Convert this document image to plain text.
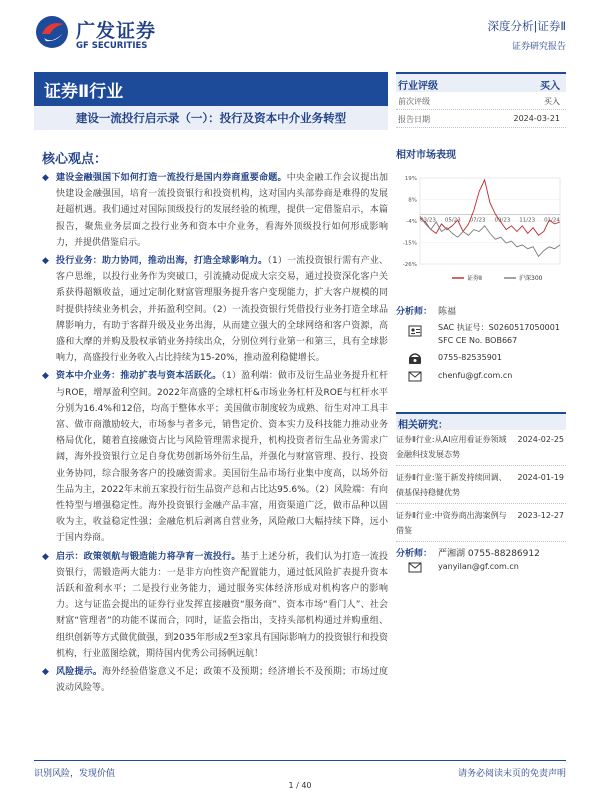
广发证券
GF SECURITIES
深度分析|证券Ⅱ
证券研究报告
证券Ⅱ行业
建设一流投行启示录（一）：投行及资本中介业务转型
核心观点：
◆ 建设金融强国下如何打造一流投行是国内券商重要命题。中央金融工作会议提出加快建设金融强国，培育一流投资银行和投资机构，这对国内头部券商是难得的发展赶超机遇。我们通过对国际顶级投行的发展经验的梳理，提供一定借鉴启示，本篇报告，聚焦业务层面之投行业务和资本中介业务，看海外顶级投行如何形成影响力，并提供借鉴启示。
◆ 投行业务：助力协同，推动出海，打造全球影响力。（1）一流投资银行需有产业、客户思维，以投行业务作为突破口，引流撬动促成大宗交易，通过投资深化客户关系获得超额收益，通过定制化财富管理服务提升客户变现能力，扩大客户规模的同时提供持续业务机会，并拓盈利空间。（2）一流投资银行凭借投行业务打造全球品牌影响力，有助于客群升级及业务出海，从而建立强大的全球网络和客户资源，高盛和大摩的并购及股权承销业务持续出众，分别位列行业第一和第三，具有全球影响力，高盛投行业务收入占比持续为15-20%，推动盈利稳健增长。
◆ 资本中介业务：推动扩表与资本活跃化。（1）盈利端：做市及衍生品业务提升杠杆与ROE，增厚盈利空间。2022年高盛的全球杠杆&市场业务杠杆及ROE与杠杆水平分别为16.4%和12倍，均高于整体水平；美国做市制度较为成熟、衍生对冲工具丰富、做市商激励较大，市场参与者多元，销售定价、资本实力及科技能力推动业务格局优化，随着直接融资占比与风险管理需求提升，机构投资者衍生品业务需求广阔，海外投资银行立足自身优势创新场外衍生品，并强化与财富管理、投行、投资业务协同，综合服务客户的投融资需求。美国衍生品市场行业集中度高，以场外衍生品为主，2022年末前五家投行衍生品资产总和占比达95.6%。（2）风险端：有向性特型与增强稳定性。海外投资银行金融产品丰富，用资渠道广泛，做市品种以固收为主，收益稳定性强；金融危机后剥离自营业务，风险敞口大幅持续下降，远小于国内券商。
◆ 启示：政策领航与锻造能力将孕育一流投行。基于上述分析，我们认为打造一流投资银行，需锻造两大能力：一是非方向性资产配置能力，通过低风险扩表提升资本活跃和盈利水平；二是投行业务能力，通过服务实体经济形成对机构客户的影响力。这与证监会提出的证券行业发挥直接融资“服务商”、资本市场“看门人”、社会财富“管理者”的功能不谋而合，同时，证监会指出，支持头部机构通过并购重组、组织创新等方式做优做强，到2035年形成2至3家具有国际影响力的投资银行和投资机构，行业蓝图绘就，期待国内优秀公司扬帆远航！
◆ 风险提示。海外经验借鉴意义不足；政策不及预期；经济增长不及预期；市场过度波动风险等。
行业评级	买入
前次评级	买入
报告日期	2024-03-21
相对市场表现
19%
8%
-4%
-15%
-26%
03/23 05/23 07/23 09/23 11/23 01/24
证券Ⅱ	沪深300
分析师： 陈福
SAC 执证号：S0260517050001
SFC CE No. BOB667
0755-82535901
chenfu@gf.com.cn
相关研究：
证券Ⅱ行业:从AI应用看证券领域金融科技发展态势
2024-02-25
证券Ⅱ行业:鉴于新发持续回调、债基保持稳健优势
2024-01-19
证券Ⅱ行业:中资券商出海案例与借鉴
2023-12-27
分析师： 严湘湖 0755-88286912
yanyilan@gf.com.cn
识别风险，发现价值	请务必阅读末页的免责声明
1 / 40
